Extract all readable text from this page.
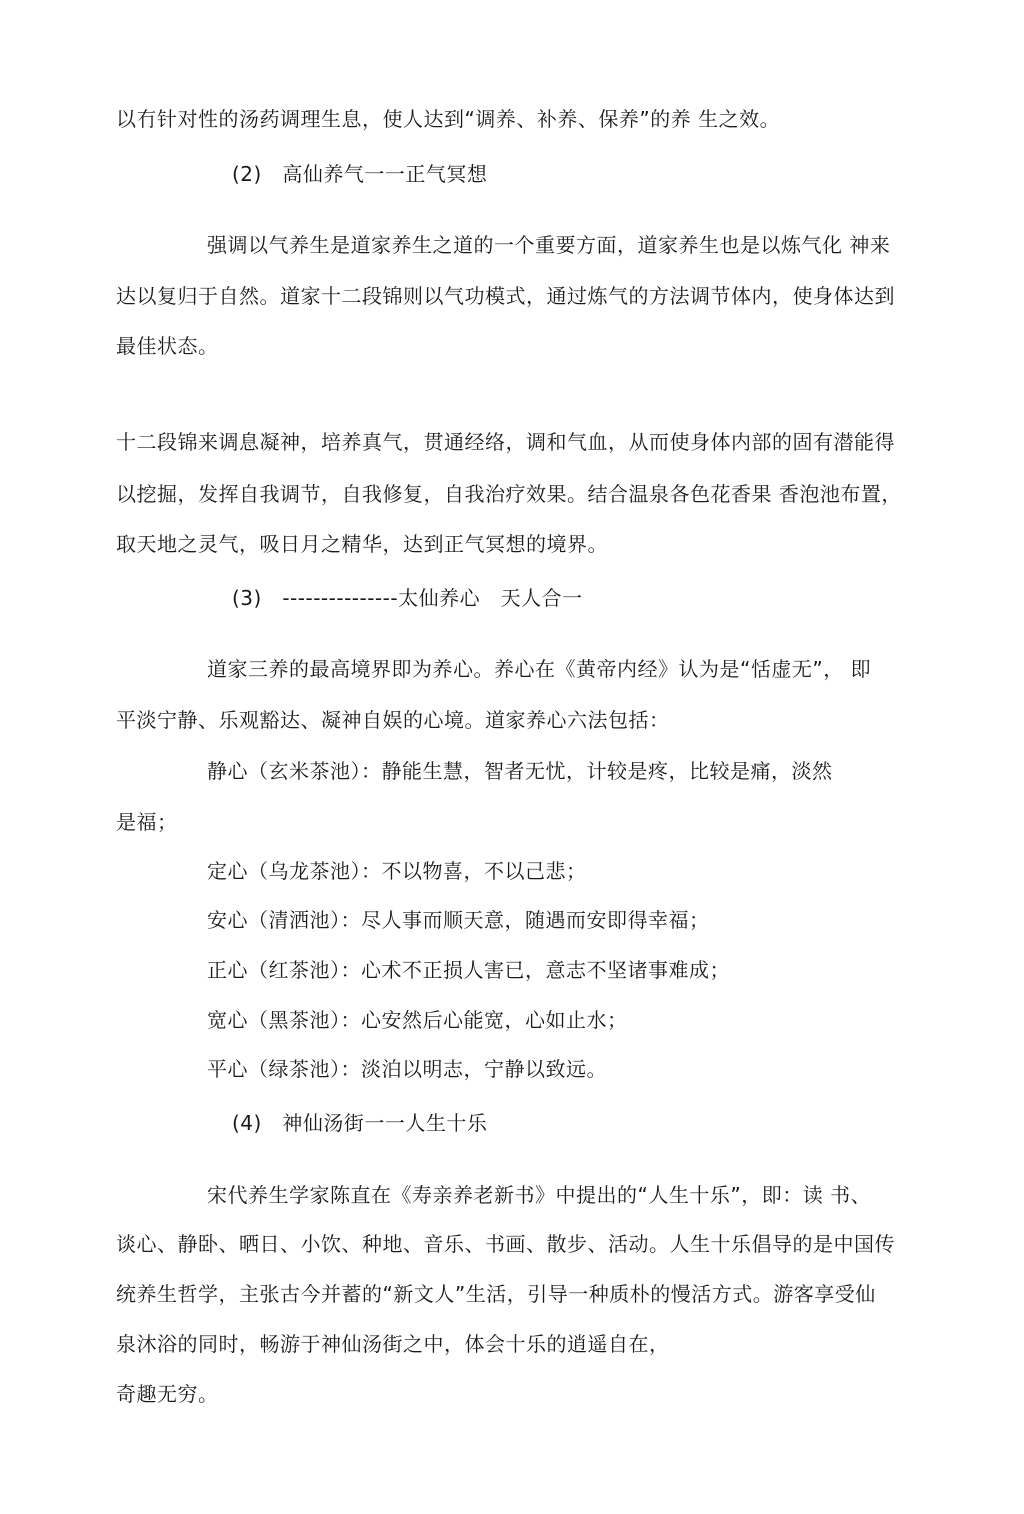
以冇针对性的汤药调理生息，使人达到“调养、补养、保养”的养 生之效。
(2)　高仙养气一一正气冥想
强调以气养生是道家养生之道的一个重要方面，道家养生也是以炼气化 神来
达以复归于自然。道家十二段锦则以气功模式，通过炼气的方法调节体内，使身体达到
最佳状态。
十二段锦来调息凝神，培养真气，贯通经络，调和气血，从而使身体内部的固有潜能得
以挖掘，发挥自我调节，自我修复，自我治疗效果。结合温泉各色花香果 香泡池布置，
取天地之灵气，吸日月之精华，达到正气冥想的境界。
(3)　---------------太仙养心　天人合一
道家三养的最高境界即为养心。养心在《黄帝内经》认为是“恬虚无”， 即
平淡宁静、乐观豁达、凝神自娱的心境。道家养心六法包括：
静心（玄米茶池）：静能生慧，智者无忧，计较是疼，比较是痛，淡然
是福；
定心（乌龙茶池）：不以物喜，不以己悲；
安心（清洒池）：尽人事而顺天意，随遇而安即得幸福；
正心（红茶池）：心术不正损人害已，意志不坚诸事难成；
宽心（黑茶池）：心安然后心能宽，心如止水；
平心（绿茶池）：淡泊以明志，宁静以致远。
(4)　神仙汤街一一人生十乐
宋代养生学家陈直在《寿亲养老新书》中提出的“人生十乐”，即：读 书、
谈心、静卧、晒日、小饮、种地、音乐、书画、散步、活动。人生十乐倡导的是中国传
统养生哲学，主张古今并蓄的“新文人”生活，引导一种质朴的慢活方式。游客享受仙
泉沐浴的同时，畅游于神仙汤街之中，体会十乐的逍遥自在，
奇趣无穷。
